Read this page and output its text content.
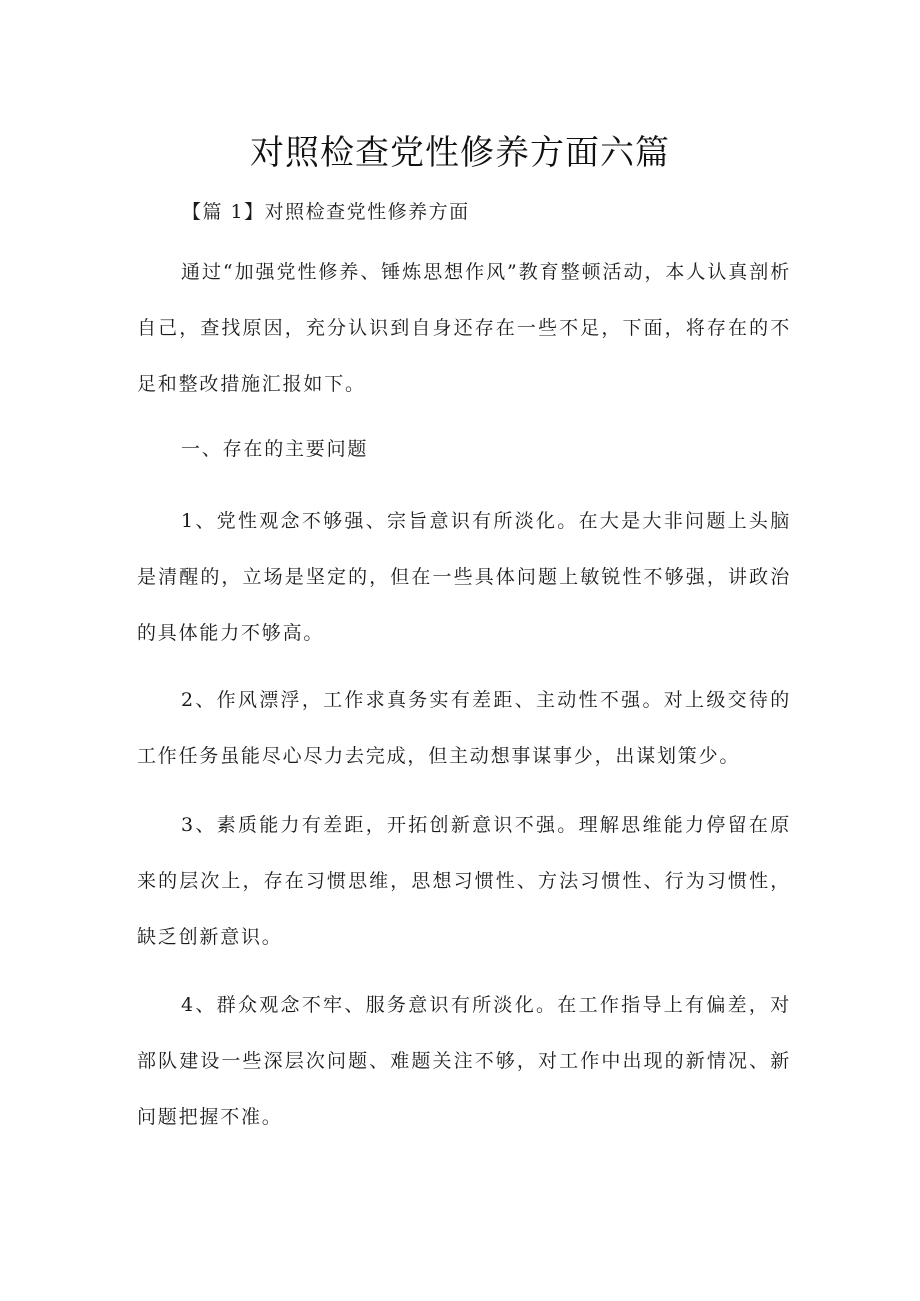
对照检查党性修养方面六篇

【篇 1】对照检查党性修养方面

通过“加强党性修养、锤炼思想作风”教育整顿活动，本人认真剖析自己，查找原因，充分认识到自身还存在一些不足，下面，将存在的不足和整改措施汇报如下。

一、存在的主要问题

1、党性观念不够强、宗旨意识有所淡化。在大是大非问题上头脑是清醒的，立场是坚定的，但在一些具体问题上敏锐性不够强，讲政治的具体能力不够高。

2、作风漂浮，工作求真务实有差距、主动性不强。对上级交待的工作任务虽能尽心尽力去完成，但主动想事谋事少，出谋划策少。

3、素质能力有差距，开拓创新意识不强。理解思维能力停留在原来的层次上，存在习惯思维，思想习惯性、方法习惯性、行为习惯性，缺乏创新意识。

4、群众观念不牢、服务意识有所淡化。在工作指导上有偏差，对部队建设一些深层次问题、难题关注不够，对工作中出现的新情况、新问题把握不准。
